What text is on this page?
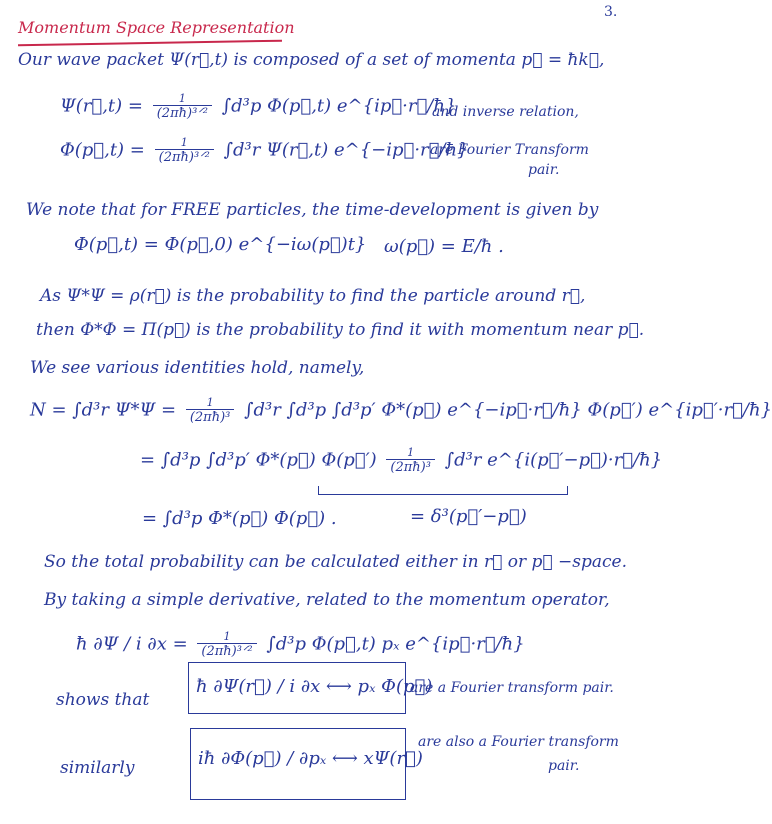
3.
Momentum Space Representation
Our wave packet Ψ(r⃗,t) is composed of a set of momenta p⃗ = ħk⃗,
Ψ(r⃗,t) = $\frac{1}{\text{(2πħ)³ᐟ²}} \int d^3p$ Φ(p⃗,t) e^{ip⃗·r⃗/ħ}
and inverse relation,
Φ(p⃗,t) = $\frac{1}{\text{(2πħ)³ᐟ²}} \int d^3r$ Ψ(r⃗,t) e^{−ip⃗·r⃗/ħ}
are Fourier Transform
pair.
We note that for FREE particles, the time-development is given by
Φ(p⃗,t) = Φ(p⃗,0) e^{−iω(p⃗)t} ω(p⃗) = E/ħ .
As Ψ*Ψ = ρ(r⃗) is the probability to find the particle around r⃗,
then Φ*Φ = Π(p⃗) is the probability to find it with momentum near p⃗.
We see various identities hold, namely,
N = ∫d³r $\Psi*\Psi = \frac{1}{\text{(2πħ)³}} \int d^3r$ ∫d³p ∫d³p′ Φ*(p⃗) e^{−ip⃗·r⃗/ħ} Φ(p⃗′) e^{ip⃗′·r⃗/ħ}
= ∫d³p ∫d³p′ Φ*(p⃗) Φ(p⃗′) $\frac{1}{\text{(2πħ)³}} \int d^3r$ e^{i(p⃗′−p⃗)·r⃗/ħ}
= ∫d³p Φ*(p⃗) Φ(p⃗) .	= δ³(p⃗′−p⃗)
So the total probability can be calculated either in r⃗ or p⃗ −space.
By taking a simple derivative, related to the momentum operator,
ħ ∂Ψ / i $\partial x = \frac{1}{\text{(2πħ)³ᐟ²}} \int d^3p$ Φ(p⃗,t) pₓ e^{ip⃗·r⃗/ħ}
shows that
ħ ∂Ψ(r⃗) / i ∂x ⟷ pₓ Φ(p⃗)
are a Fourier transform pair.
similarly	iħ ∂Φ(p⃗) / ∂pₓ ⟷ xΨ(r⃗)
are also a Fourier transform
pair.
